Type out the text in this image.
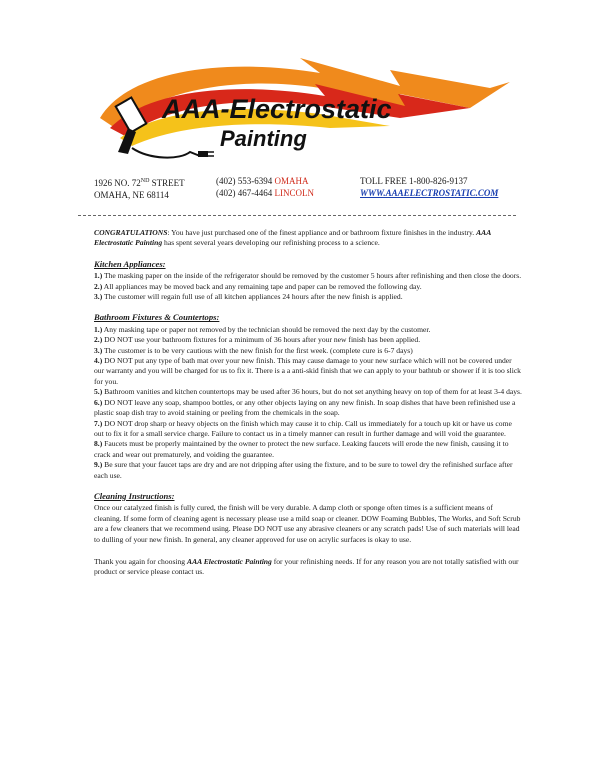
AAA-Electrostatic
Painting
1926 NO. 72ND STREET
OMAHA, NE 68114
(402) 553-6394 OMAHA
(402) 467-4464 LINCOLN
TOLL FREE 1-800-826-9137
WWW.AAAELECTROSTATIC.COM

CONGRATULATIONS: You have just purchased one of the finest appliance and or bathroom fixture finishes in the industry. AAA Electrostatic Painting has spent several years developing our refinishing process to a science.

Kitchen Appliances:
1.) The masking paper on the inside of the refrigerator should be removed by the customer 5 hours after refinishing and then close the doors.
2.) All appliances may be moved back and any remaining tape and paper can be removed the following day.
3.) The customer will regain full use of all kitchen appliances 24 hours after the new finish is applied.
Bathroom Fixtures & Countertops:
1.) Any masking tape or paper not removed by the technician should be removed the next day by the customer.
2.) DO NOT use your bathroom fixtures for a minimum of 36 hours after your new finish has been applied.
3.) The customer is to be very cautious with the new finish for the first week. (complete cure is 6-7 days)
4.) DO NOT put any type of bath mat over your new finish. This may cause damage to your new surface which will not be covered under our warranty and you will be charged for us to fix it. There is a a anti-skid finish that we can apply to your bathtub or shower if it is too slick for you.
5.) Bathroom vanities and kitchen countertops may be used after 36 hours, but do not set anything heavy on top of them for at least 3-4 days.
6.) DO NOT leave any soap, shampoo bottles, or any other objects laying on any new finish. In soap dishes that have been refinished use a plastic soap dish tray to avoid staining or peeling from the chemicals in the soap.
7.) DO NOT drop sharp or heavy objects on the finish which may cause it to chip. Call us immediately for a touch up kit or have us come out to fix it for a small service charge. Failure to contact us in a timely manner can result in further damage and will void the guarantee.
8.) Faucets must be properly maintained by the owner to protect the new surface. Leaking faucets will erode the new finish, causing it to crack and wear out prematurely, and voiding the guarantee.
9.) Be sure that your faucet taps are dry and are not dripping after using the fixture, and to be sure to towel dry the refinished surface after each use.
Cleaning Instructions:

Once our catalyzed finish is fully cured, the finish will be very durable. A damp cloth or sponge often times is a sufficient means of cleaning. If some form of cleaning agent is necessary please use a mild soap or cleaner. DOW Foaming Bubbles, The Works, and Soft Scrub are a few cleaners that we recommend using. Please DO NOT use any abrasive cleaners or any scratch pads! Use of such materials will lead to dulling of your new finish. In general, any cleaner approved for use on acrylic surfaces is okay to use.

Thank you again for choosing AAA Electrostatic Painting for your refinishing needs. If for any reason you are not totally satisfied with our product or service please contact us.
